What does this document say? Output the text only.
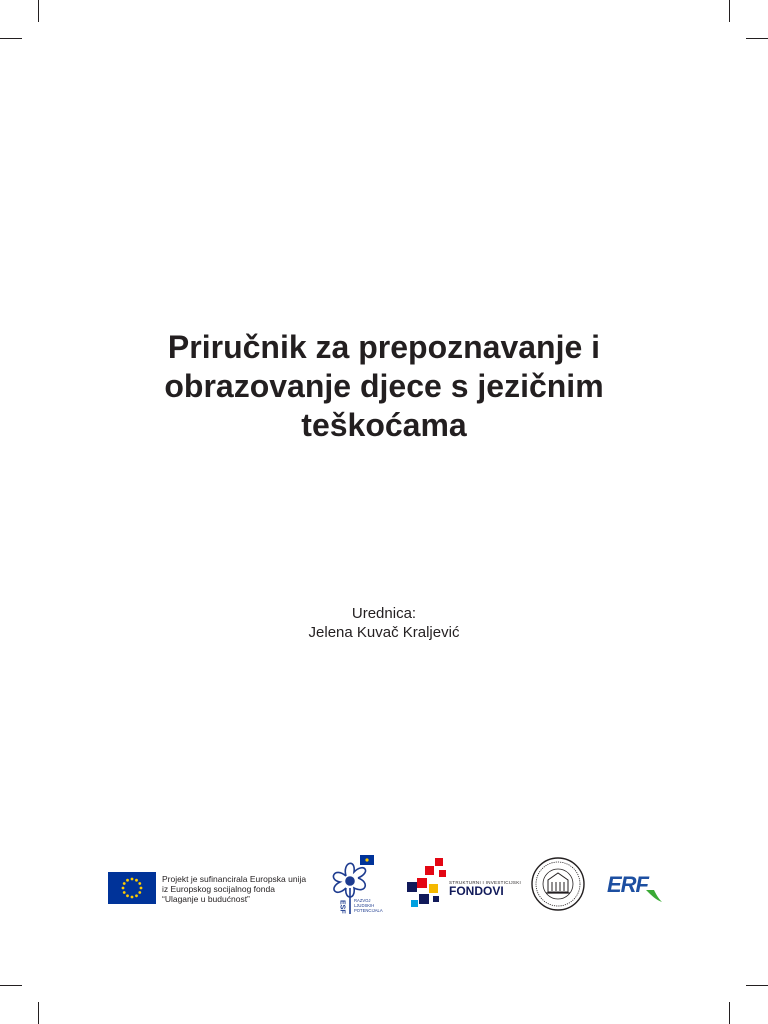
Priručnik za prepoznavanje i
obrazovanje djece s jezičnim
teškoćama
Urednica:
Jelena Kuvač Kraljević
Projekt je sufinancirala Europska unija
iz Europskog socijalnog fonda
“Ulaganje u budućnost”
ESF RAZVOJ
LJUDSKIH
POTENCIJALA
STRUKTURNI I INVESTICIJSKI
FONDOVI	ERF
